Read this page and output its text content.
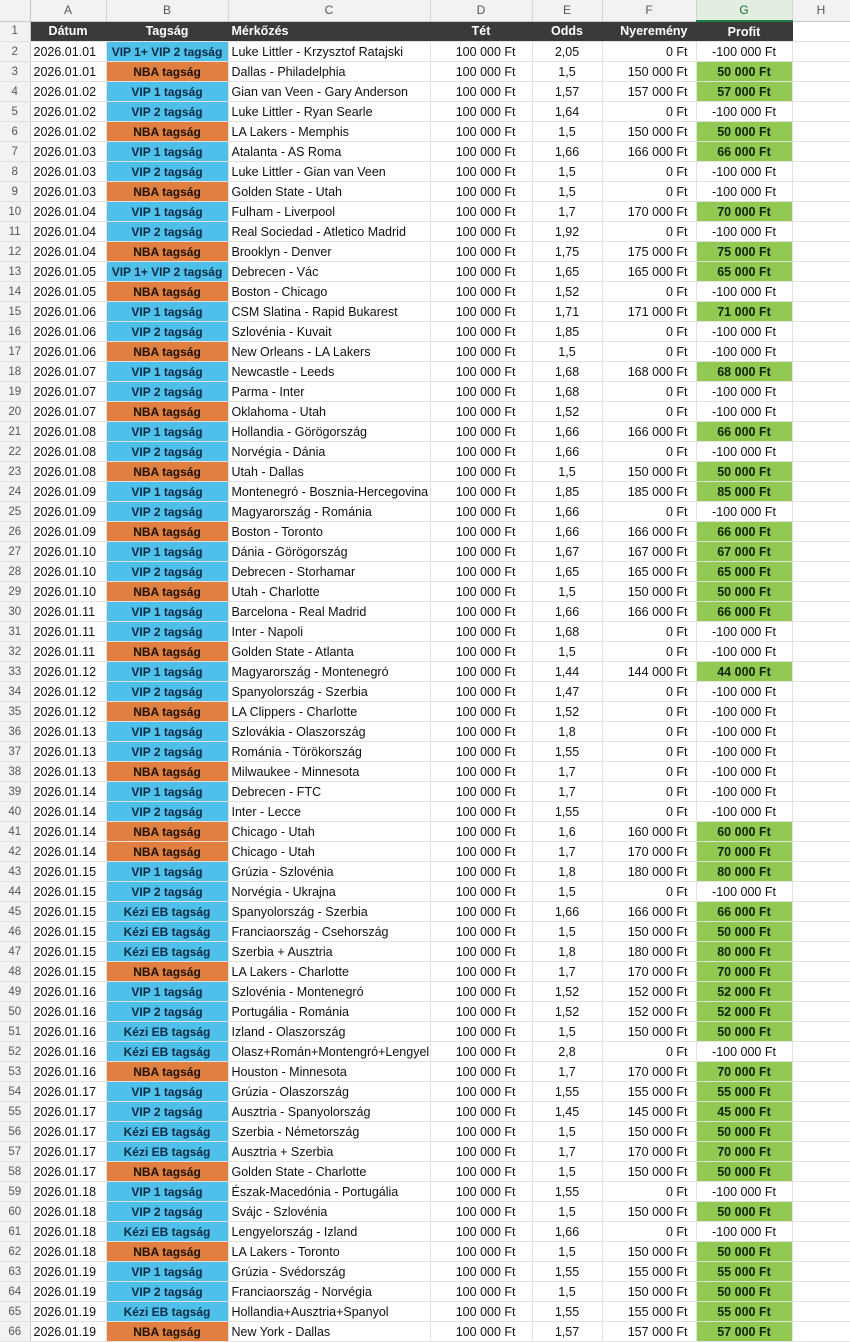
	A	B	C	D	E	F	G	H
1	Dátum	Tagság	Mérkőzés	Tét	Odds	Nyeremény	Profit	
2	2026.01.01	VIP 1+ VIP 2 tagság	Luke Littler - Krzysztof Ratajski	100 000 Ft	2,05	0 Ft	-100 000 Ft	
3	2026.01.01	NBA tagság	Dallas - Philadelphia	100 000 Ft	1,5	150 000 Ft	50 000 Ft	
4	2026.01.02	VIP 1 tagság	Gian van Veen - Gary Anderson	100 000 Ft	1,57	157 000 Ft	57 000 Ft	
5	2026.01.02	VIP 2 tagság	Luke Littler - Ryan Searle	100 000 Ft	1,64	0 Ft	-100 000 Ft	
6	2026.01.02	NBA tagság	LA Lakers - Memphis	100 000 Ft	1,5	150 000 Ft	50 000 Ft	
7	2026.01.03	VIP 1 tagság	Atalanta - AS Roma	100 000 Ft	1,66	166 000 Ft	66 000 Ft	
8	2026.01.03	VIP 2 tagság	Luke Littler - Gian van Veen	100 000 Ft	1,5	0 Ft	-100 000 Ft	
9	2026.01.03	NBA tagság	Golden State - Utah	100 000 Ft	1,5	0 Ft	-100 000 Ft	
10	2026.01.04	VIP 1 tagság	Fulham - Liverpool	100 000 Ft	1,7	170 000 Ft	70 000 Ft	
11	2026.01.04	VIP 2 tagság	Real Sociedad - Atletico Madrid	100 000 Ft	1,92	0 Ft	-100 000 Ft	
12	2026.01.04	NBA tagság	Brooklyn - Denver	100 000 Ft	1,75	175 000 Ft	75 000 Ft	
13	2026.01.05	VIP 1+ VIP 2 tagság	Debrecen - Vác	100 000 Ft	1,65	165 000 Ft	65 000 Ft	
14	2026.01.05	NBA tagság	Boston - Chicago	100 000 Ft	1,52	0 Ft	-100 000 Ft	
15	2026.01.06	VIP 1 tagság	CSM Slatina - Rapid Bukarest	100 000 Ft	1,71	171 000 Ft	71 000 Ft	
16	2026.01.06	VIP 2 tagság	Szlovénia - Kuvait	100 000 Ft	1,85	0 Ft	-100 000 Ft	
17	2026.01.06	NBA tagság	New Orleans - LA Lakers	100 000 Ft	1,5	0 Ft	-100 000 Ft	
18	2026.01.07	VIP 1 tagság	Newcastle - Leeds	100 000 Ft	1,68	168 000 Ft	68 000 Ft	
19	2026.01.07	VIP 2 tagság	Parma - Inter	100 000 Ft	1,68	0 Ft	-100 000 Ft	
20	2026.01.07	NBA tagság	Oklahoma - Utah	100 000 Ft	1,52	0 Ft	-100 000 Ft	
21	2026.01.08	VIP 1 tagság	Hollandia - Görögország	100 000 Ft	1,66	166 000 Ft	66 000 Ft	
22	2026.01.08	VIP 2 tagság	Norvégia - Dánia	100 000 Ft	1,66	0 Ft	-100 000 Ft	
23	2026.01.08	NBA tagság	Utah - Dallas	100 000 Ft	1,5	150 000 Ft	50 000 Ft	
24	2026.01.09	VIP 1 tagság	Montenegró - Bosznia-Hercegovina	100 000 Ft	1,85	185 000 Ft	85 000 Ft	
25	2026.01.09	VIP 2 tagság	Magyarország - Románia	100 000 Ft	1,66	0 Ft	-100 000 Ft	
26	2026.01.09	NBA tagság	Boston - Toronto	100 000 Ft	1,66	166 000 Ft	66 000 Ft	
27	2026.01.10	VIP 1 tagság	Dánia - Görögország	100 000 Ft	1,67	167 000 Ft	67 000 Ft	
28	2026.01.10	VIP 2 tagság	Debrecen - Storhamar	100 000 Ft	1,65	165 000 Ft	65 000 Ft	
29	2026.01.10	NBA tagság	Utah - Charlotte	100 000 Ft	1,5	150 000 Ft	50 000 Ft	
30	2026.01.11	VIP 1 tagság	Barcelona - Real Madrid	100 000 Ft	1,66	166 000 Ft	66 000 Ft	
31	2026.01.11	VIP 2 tagság	Inter - Napoli	100 000 Ft	1,68	0 Ft	-100 000 Ft	
32	2026.01.11	NBA tagság	Golden State - Atlanta	100 000 Ft	1,5	0 Ft	-100 000 Ft	
33	2026.01.12	VIP 1 tagság	Magyarország - Montenegró	100 000 Ft	1,44	144 000 Ft	44 000 Ft	
34	2026.01.12	VIP 2 tagság	Spanyolország - Szerbia	100 000 Ft	1,47	0 Ft	-100 000 Ft	
35	2026.01.12	NBA tagság	LA Clippers - Charlotte	100 000 Ft	1,52	0 Ft	-100 000 Ft	
36	2026.01.13	VIP 1 tagság	Szlovákia - Olaszország	100 000 Ft	1,8	0 Ft	-100 000 Ft	
37	2026.01.13	VIP 2 tagság	Románia - Törökország	100 000 Ft	1,55	0 Ft	-100 000 Ft	
38	2026.01.13	NBA tagság	Milwaukee - Minnesota	100 000 Ft	1,7	0 Ft	-100 000 Ft	
39	2026.01.14	VIP 1 tagság	Debrecen - FTC	100 000 Ft	1,7	0 Ft	-100 000 Ft	
40	2026.01.14	VIP 2 tagság	Inter - Lecce	100 000 Ft	1,55	0 Ft	-100 000 Ft	
41	2026.01.14	NBA tagság	Chicago - Utah	100 000 Ft	1,6	160 000 Ft	60 000 Ft	
42	2026.01.14	NBA tagság	Chicago - Utah	100 000 Ft	1,7	170 000 Ft	70 000 Ft	
43	2026.01.15	VIP 1 tagság	Grúzia - Szlovénia	100 000 Ft	1,8	180 000 Ft	80 000 Ft	
44	2026.01.15	VIP 2 tagság	Norvégia - Ukrajna	100 000 Ft	1,5	0 Ft	-100 000 Ft	
45	2026.01.15	Kézi EB tagság	Spanyolország - Szerbia	100 000 Ft	1,66	166 000 Ft	66 000 Ft	
46	2026.01.15	Kézi EB tagság	Franciaország - Csehország	100 000 Ft	1,5	150 000 Ft	50 000 Ft	
47	2026.01.15	Kézi EB tagság	Szerbia + Ausztria	100 000 Ft	1,8	180 000 Ft	80 000 Ft	
48	2026.01.15	NBA tagság	LA Lakers - Charlotte	100 000 Ft	1,7	170 000 Ft	70 000 Ft	
49	2026.01.16	VIP 1 tagság	Szlovénia - Montenegró	100 000 Ft	1,52	152 000 Ft	52 000 Ft	
50	2026.01.16	VIP 2 tagság	Portugália - Románia	100 000 Ft	1,52	152 000 Ft	52 000 Ft	
51	2026.01.16	Kézi EB tagság	Izland - Olaszország	100 000 Ft	1,5	150 000 Ft	50 000 Ft	
52	2026.01.16	Kézi EB tagság	Olasz+Román+Montengró+Lengyel	100 000 Ft	2,8	0 Ft	-100 000 Ft	
53	2026.01.16	NBA tagság	Houston - Minnesota	100 000 Ft	1,7	170 000 Ft	70 000 Ft	
54	2026.01.17	VIP 1 tagság	Grúzia - Olaszország	100 000 Ft	1,55	155 000 Ft	55 000 Ft	
55	2026.01.17	VIP 2 tagság	Ausztria - Spanyolország	100 000 Ft	1,45	145 000 Ft	45 000 Ft	
56	2026.01.17	Kézi EB tagság	Szerbia - Németország	100 000 Ft	1,5	150 000 Ft	50 000 Ft	
57	2026.01.17	Kézi EB tagság	Ausztria + Szerbia	100 000 Ft	1,7	170 000 Ft	70 000 Ft	
58	2026.01.17	NBA tagság	Golden State - Charlotte	100 000 Ft	1,5	150 000 Ft	50 000 Ft	
59	2026.01.18	VIP 1 tagság	Észak-Macedónia - Portugália	100 000 Ft	1,55	0 Ft	-100 000 Ft	
60	2026.01.18	VIP 2 tagság	Svájc - Szlovénia	100 000 Ft	1,5	150 000 Ft	50 000 Ft	
61	2026.01.18	Kézi EB tagság	Lengyelország - Izland	100 000 Ft	1,66	0 Ft	-100 000 Ft	
62	2026.01.18	NBA tagság	LA Lakers - Toronto	100 000 Ft	1,5	150 000 Ft	50 000 Ft	
63	2026.01.19	VIP 1 tagság	Grúzia - Svédország	100 000 Ft	1,55	155 000 Ft	55 000 Ft	
64	2026.01.19	VIP 2 tagság	Franciaország - Norvégia	100 000 Ft	1,5	150 000 Ft	50 000 Ft	
65	2026.01.19	Kézi EB tagság	Hollandia+Ausztria+Spanyol	100 000 Ft	1,55	155 000 Ft	55 000 Ft	
66	2026.01.19	NBA tagság	New York - Dallas	100 000 Ft	1,57	157 000 Ft	57 000 Ft	
